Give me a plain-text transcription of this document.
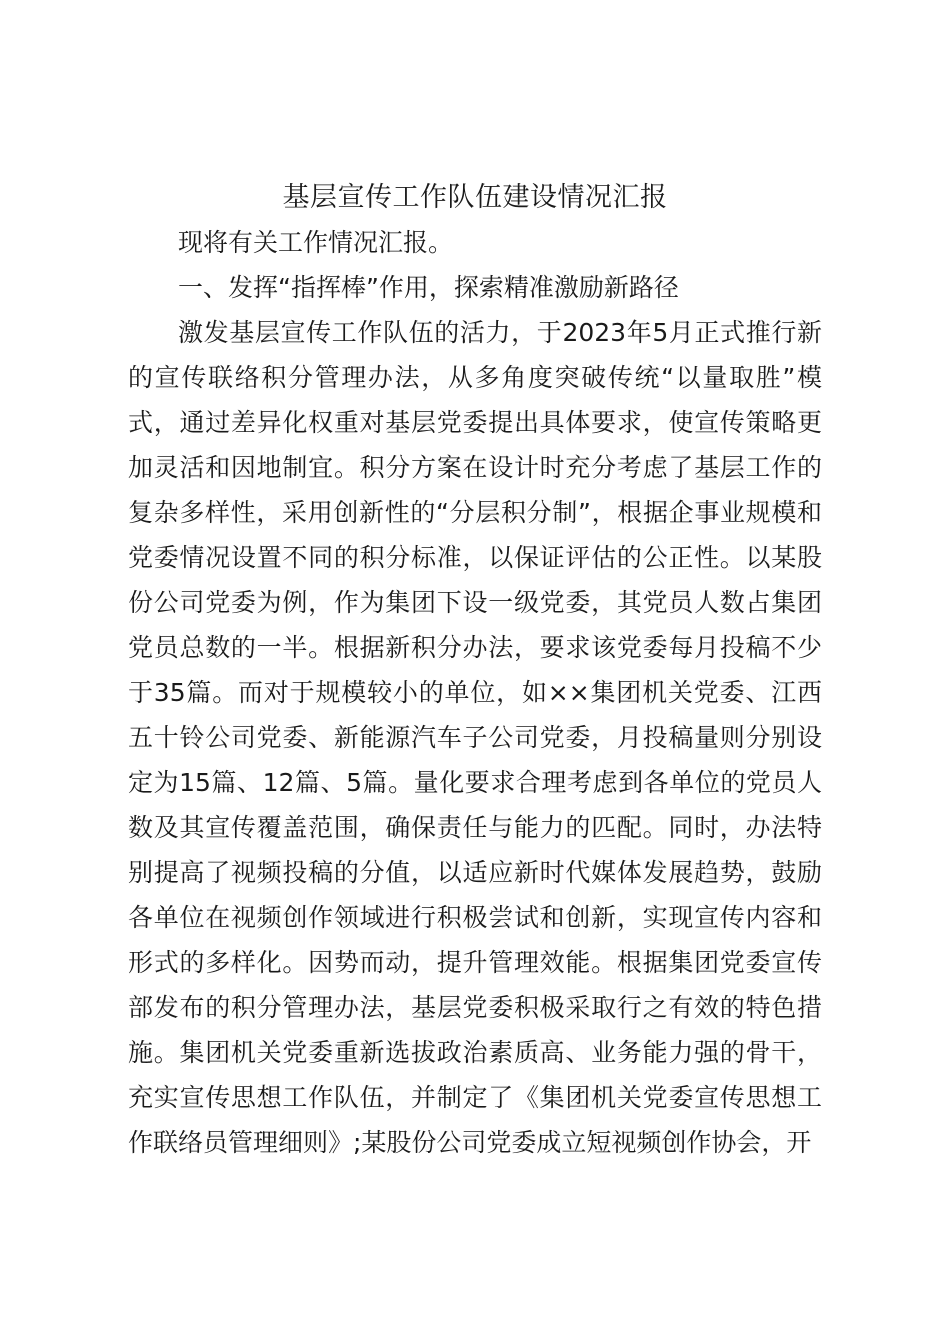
基层宣传工作队伍建设情况汇报

现将有关工作情况汇报。

一、发挥“指挥棒”作用，探索精准激励新路径

激发基层宣传工作队伍的活力，于2023年5月正式推行新的宣传联络积分管理办法，从多角度突破传统“以量取胜”模式，通过差异化权重对基层党委提出具体要求，使宣传策略更加灵活和因地制宜。积分方案在设计时充分考虑了基层工作的复杂多样性，采用创新性的“分层积分制”，根据企事业规模和党委情况设置不同的积分标准，以保证评估的公正性。以某股份公司党委为例，作为集团下设一级党委，其党员人数占集团党员总数的一半。根据新积分办法，要求该党委每月投稿不少于35篇。而对于规模较小的单位，如××集团机关党委、江西五十铃公司党委、新能源汽车子公司党委，月投稿量则分别设定为15篇、12篇、5篇。量化要求合理考虑到各单位的党员人数及其宣传覆盖范围，确保责任与能力的匹配。同时，办法特别提高了视频投稿的分值，以适应新时代媒体发展趋势，鼓励各单位在视频创作领域进行积极尝试和创新，实现宣传内容和形式的多样化。因势而动，提升管理效能。根据集团党委宣传部发布的积分管理办法，基层党委积极采取行之有效的特色措施。集团机关党委重新选拔政治素质高、业务能力强的骨干，充实宣传思想工作队伍，并制定了《集团机关党委宣传思想工作联络员管理细则》;某股份公司党委成立短视频创作协会，开
